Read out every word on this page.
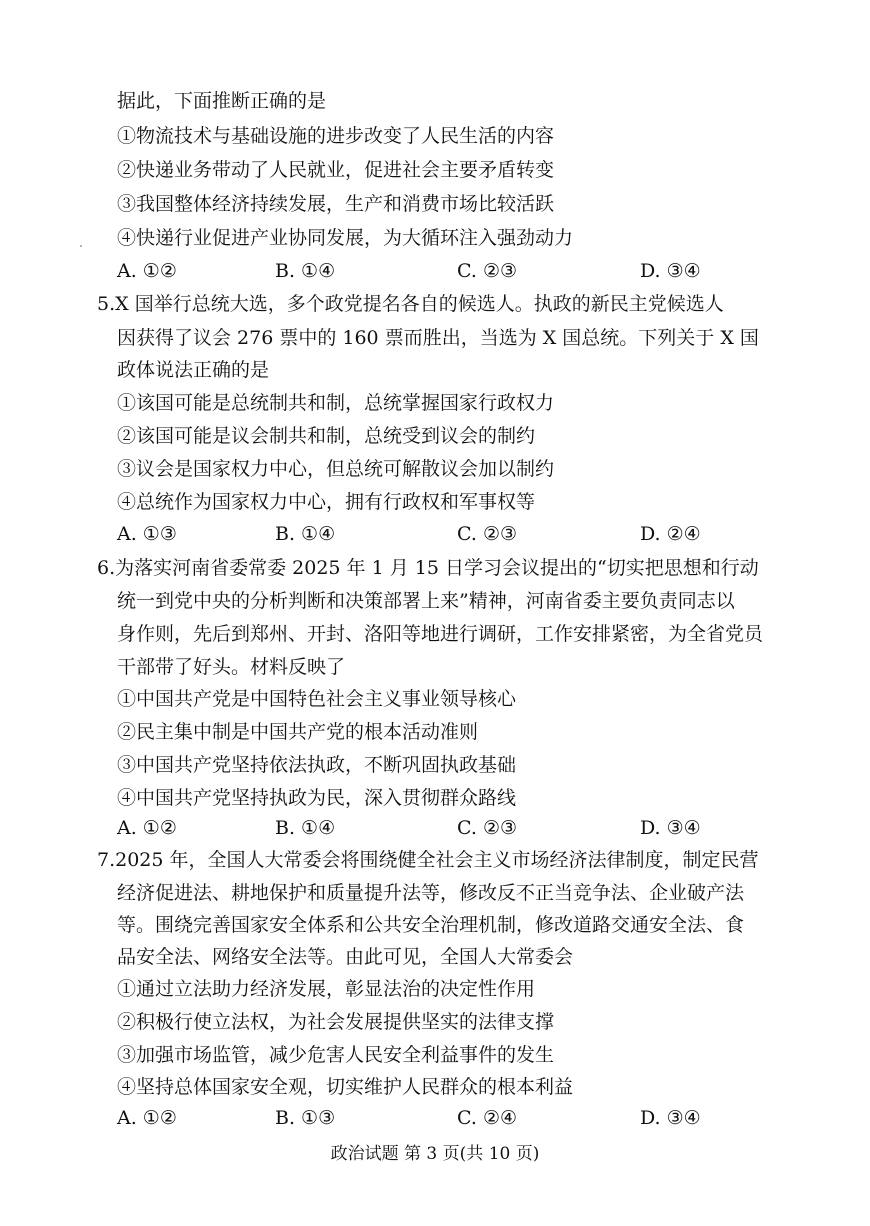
据此，下面推断正确的是
①物流技术与基础设施的进步改变了人民生活的内容
②快递业务带动了人民就业，促进社会主要矛盾转变
③我国整体经济持续发展，生产和消费市场比较活跃
④快递行业促进产业协同发展，为大循环注入强劲动力
A. ①②	B. ①④	C. ②③	D. ③④
5.X 国举行总统大选，多个政党提名各自的候选人。执政的新民主党候选人
因获得了议会 276 票中的 160 票而胜出，当选为 X 国总统。下列关于 X 国
政体说法正确的是
①该国可能是总统制共和制，总统掌握国家行政权力
②该国可能是议会制共和制，总统受到议会的制约
③议会是国家权力中心，但总统可解散议会加以制约
④总统作为国家权力中心，拥有行政权和军事权等
A. ①③	B. ①④	C. ②③	D. ②④
6.为落实河南省委常委 2025 年 1 月 15 日学习会议提出的“切实把思想和行动
统一到党中央的分析判断和决策部署上来”精神，河南省委主要负责同志以
身作则，先后到郑州、开封、洛阳等地进行调研，工作安排紧密，为全省党员
干部带了好头。材料反映了
①中国共产党是中国特色社会主义事业领导核心
②民主集中制是中国共产党的根本活动准则
③中国共产党坚持依法执政，不断巩固执政基础
④中国共产党坚持执政为民，深入贯彻群众路线
A. ①②	B. ①④	C. ②③	D. ③④
7.2025 年，全国人大常委会将围绕健全社会主义市场经济法律制度，制定民营
经济促进法、耕地保护和质量提升法等，修改反不正当竞争法、企业破产法
等。围绕完善国家安全体系和公共安全治理机制，修改道路交通安全法、食
品安全法、网络安全法等。由此可见，全国人大常委会
①通过立法助力经济发展，彰显法治的决定性作用
②积极行使立法权，为社会发展提供坚实的法律支撑
③加强市场监管，减少危害人民安全利益事件的发生
④坚持总体国家安全观，切实维护人民群众的根本利益
A. ①②	B. ①③	C. ②④	D. ③④
政治试题 第 3 页(共 10 页)
